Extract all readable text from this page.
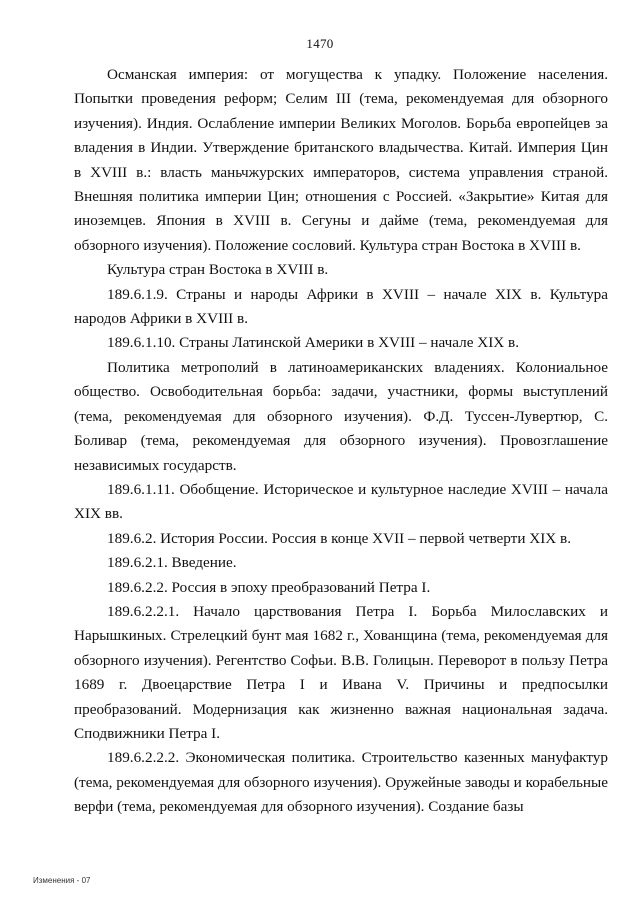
1470

Османская империя: от могущества к упадку. Положение населения. Попытки проведения реформ; Селим III (тема, рекомендуемая для обзорного изучения). Индия. Ослабление империи Великих Моголов. Борьба европейцев за владения в Индии. Утверждение британского владычества. Китай. Империя Цин в XVIII в.: власть маньчжурских императоров, система управления страной. Внешняя политика империи Цин; отношения с Россией. «Закрытие» Китая для иноземцев. Япония в XVIII в. Сегуны и дайме (тема, рекомендуемая для обзорного изучения). Положение сословий. Культура стран Востока в XVIII в.

Культура стран Востока в XVIII в.

189.6.1.9. Страны и народы Африки в XVIII – начале XIX в. Культура народов Африки в XVIII в.

189.6.1.10. Страны Латинской Америки в XVIII – начале XIX в.

Политика метрополий в латиноамериканских владениях. Колониальное общество. Освободительная борьба: задачи, участники, формы выступлений (тема, рекомендуемая для обзорного изучения). Ф.Д. Туссен-Лувертюр, С. Боливар (тема, рекомендуемая для обзорного изучения). Провозглашение независимых государств.

189.6.1.11. Обобщение. Историческое и культурное наследие XVIII – начала XIX вв.

189.6.2. История России. Россия в конце XVII – первой четверти XIX в.

189.6.2.1. Введение.

189.6.2.2. Россия в эпоху преобразований Петра I.

189.6.2.2.1. Начало царствования Петра I. Борьба Милославских и Нарышкиных. Стрелецкий бунт мая 1682 г., Хованщина (тема, рекомендуемая для обзорного изучения). Регентство Софьи. В.В. Голицын. Переворот в пользу Петра 1689 г. Двоецарствие Петра I и Ивана V. Причины и предпосылки преобразований. Модернизация как жизненно важная национальная задача. Сподвижники Петра I.

189.6.2.2.2. Экономическая политика. Строительство казенных мануфактур (тема, рекомендуемая для обзорного изучения). Оружейные заводы и корабельные верфи (тема, рекомендуемая для обзорного изучения). Создание базы

Изменения - 07
